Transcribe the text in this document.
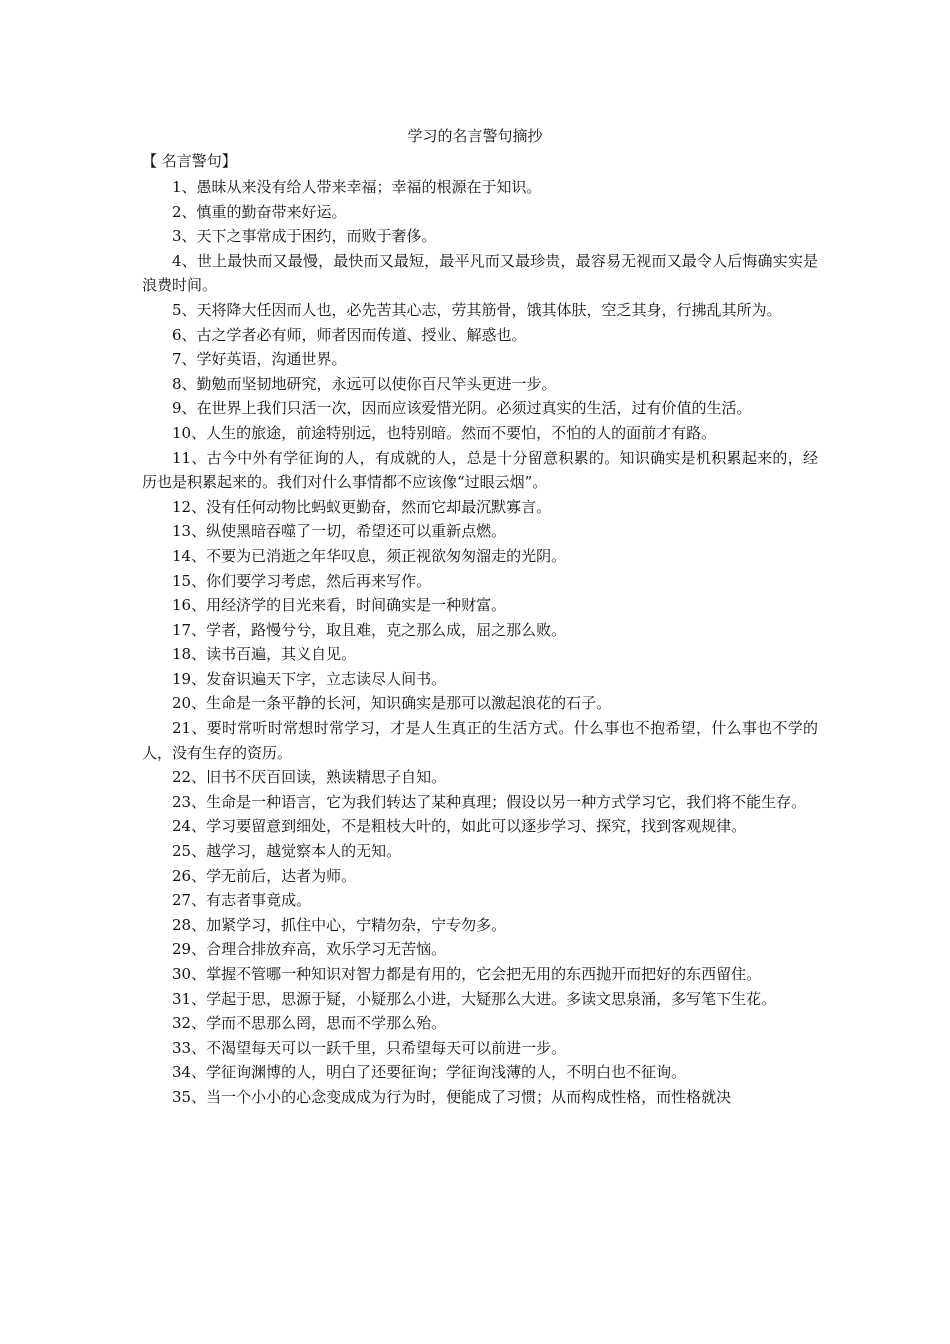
学习的名言警句摘抄
【 名言警句】

1、愚昧从来没有给人带来幸福；幸福的根源在于知识。

2、慎重的勤奋带来好运。

3、天下之事常成于困约，而败于奢侈。

4、世上最快而又最慢，最快而又最短，最平凡而又最珍贵，最容易无视而又最令人后悔确实实是浪费时间。

5、天将降大任因而人也，必先苦其心志，劳其筋骨，饿其体肤，空乏其身，行拂乱其所为。

6、古之学者必有师，师者因而传道、授业、解惑也。

7、学好英语，沟通世界。

8、勤勉而坚韧地研究，永远可以使你百尺竿头更进一步。

9、在世界上我们只活一次，因而应该爱惜光阴。必须过真实的生活，过有价值的生活。

10、人生的旅途，前途特别远，也特别暗。然而不要怕，不怕的人的面前才有路。

11、古今中外有学征询的人，有成就的人，总是十分留意积累的。知识确实是机积累起来的，经历也是积累起来的。我们对什么事情都不应该像“过眼云烟”。

12、没有任何动物比蚂蚁更勤奋，然而它却最沉默寡言。

13、纵使黑暗吞噬了一切，希望还可以重新点燃。

14、不要为已消逝之年华叹息，须正视欲匆匆溜走的光阴。

15、你们要学习考虑，然后再来写作。

16、用经济学的目光来看，时间确实是一种财富。

17、学者，路慢兮兮，取且难，克之那么成，屈之那么败。

18、读书百遍，其义自见。

19、发奋识遍天下字，立志读尽人间书。

20、生命是一条平静的长河，知识确实是那可以激起浪花的石子。

21、要时常听时常想时常学习，才是人生真正的生活方式。什么事也不抱希望，什么事也不学的人，没有生存的资历。

22、旧书不厌百回读，熟读精思子自知。

23、生命是一种语言，它为我们转达了某种真理；假设以另一种方式学习它，我们将不能生存。

24、学习要留意到细处，不是粗枝大叶的，如此可以逐步学习、探究，找到客观规律。

25、越学习，越觉察本人的无知。

26、学无前后，达者为师。

27、有志者事竟成。

28、加紧学习，抓住中心，宁精勿杂，宁专勿多。

29、合理合排放弃高，欢乐学习无苦恼。

30、掌握不管哪一种知识对智力都是有用的，它会把无用的东西抛开而把好的东西留住。

31、学起于思，思源于疑，小疑那么小进，大疑那么大进。多读文思泉涌，多写笔下生花。

32、学而不思那么罔，思而不学那么殆。

33、不渴望每天可以一跃千里，只希望每天可以前进一步。

34、学征询渊博的人，明白了还要征询；学征询浅薄的人，不明白也不征询。

35、当一个小小的心念变成成为行为时，便能成了习惯；从而构成性格，而性格就决
